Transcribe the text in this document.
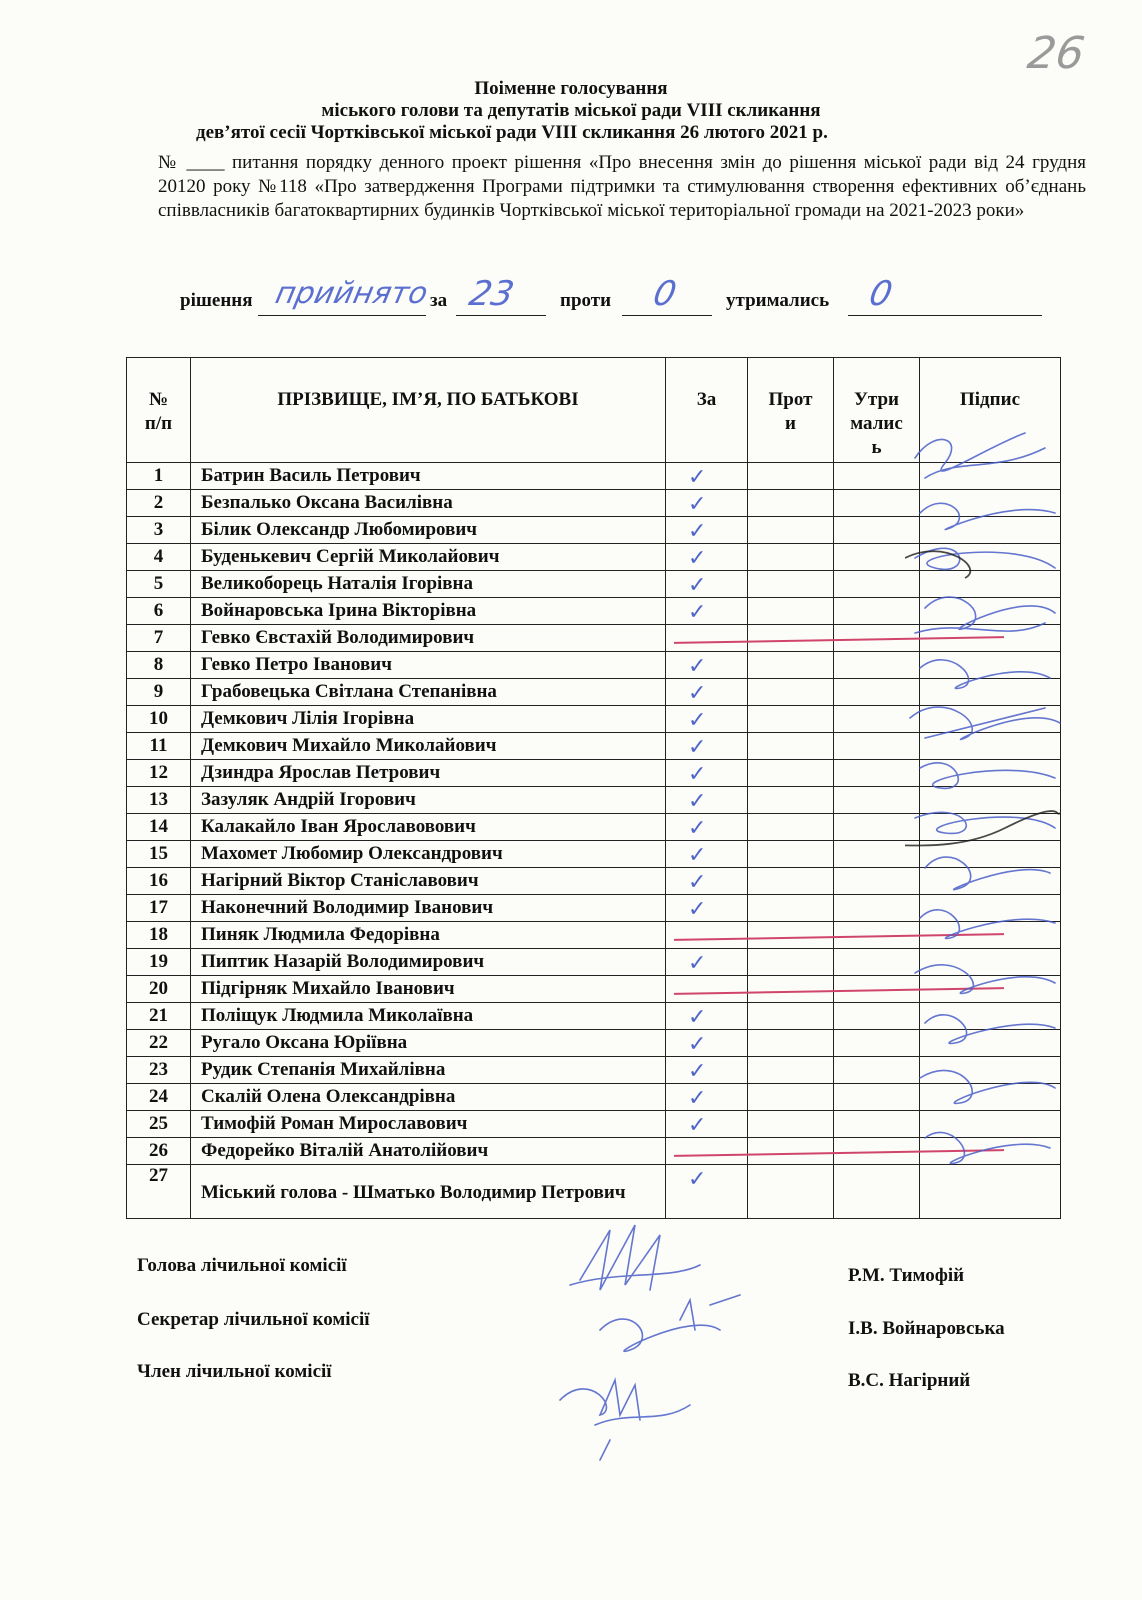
26
Поіменне голосування
міського голови та депутатів міської ради VIII скликання
дев’ятої сесії Чортківської міської ради VIII скликання 26 лютого 2021 р.
№ ____ питання порядку денного проект рішення «Про внесення змін до рішення міської ради від 24 грудня 20120 року №118 «Про затвердження Програми підтримки та стимулювання створення ефективних об’єднань співвласників багатоквартирних будинків Чортківської міської територіальної громади на 2021-2023 роки»
рішення прийнято за 23 проти 0 утримались 0
№ п/п	ПРІЗВИЩЕ, ІМ’Я, ПО БАТЬКОВІ	За	Проти	Утрималис ь	Підпис

1	Батрин Василь Петрович	✓			

2	Безпалько Оксана Василівна	✓			

3	Білик Олександр Любомирович	✓			

4	Буденькевич Сергій Миколайович	✓			

5	Великоборець Наталія Ігорівна	✓			

6	Войнаровська Ірина Вікторівна	✓			

7	Гевко Євстахій Володимирович	

8	Гевко Петро Іванович	✓			

9	Грабовецька Світлана Степанівна	✓			

10	Демкович Лілія Ігорівна	✓			

11	Демкович Михайло Миколайович	✓			

12	Дзиндра Ярослав Петрович	✓			

13	Зазуляк Андрій Ігорович	✓			

14	Калакайло Іван Ярославовович	✓			

15	Махомет Любомир Олександрович	✓			

16	Нагірний Віктор Станіславович	✓			

17	Наконечний Володимир Іванович	✓			

18	Пиняк Людмила Федорівна	

19	Пиптик Назарій Володимирович	✓			

20	Підгірняк Михайло Іванович	

21	Поліщук Людмила Миколаївна	✓			

22	Ругало Оксана Юріївна	✓			

23	Рудик Степанія Михайлівна	✓			

24	Скалій Олена Олександрівна	✓			

25	Тимофій Роман Мирославович	✓			

26	Федорейко Віталій Анатолійович	

27	Міський голова - Шматько Володимир Петрович	✓			

Голова лічильної комісії	Р.М. Тимофій
Секретар лічильної комісії	І.В. Войнаровська
Член лічильної комісії	В.С. Нагірний
